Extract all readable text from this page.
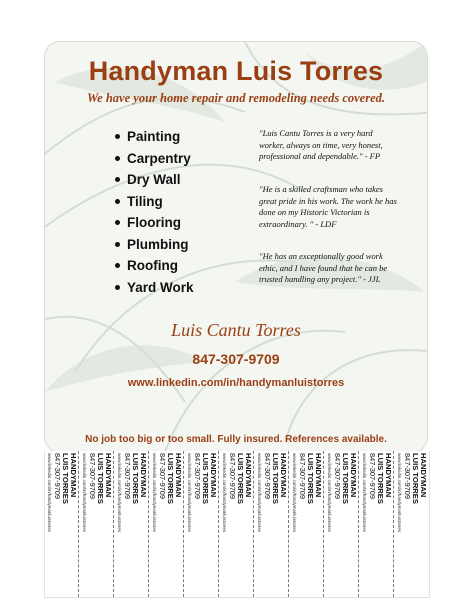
Handyman Luis Torres
We have your home repair and remodeling needs covered.
Painting
Carpentry
Dry Wall
Tiling
Flooring
Plumbing
Roofing
Yard Work
"Luis Cantu Torres is a very hard worker, always on time, very honest, professional and dependable." - FP
"He is a skilled craftsman who takes great pride in his work. The work he has done on my Historic Victorian is extraordinary. " - LDF
"He has an exceptionally good work ethic, and I have found that he can be trusted handling any project." - JJL
Luis Cantu Torres
847-307-9709
www.linkedin.com/in/handymanluistorres
No job too big or too small. Fully insured. References available.
HANDYMAN
LUIS TORRES
847-307-9709
www.linkedin.com/in/handymanluistorres	HANDYMAN
LUIS TORRES
847-307-9709
www.linkedin.com/in/handymanluistorres	HANDYMAN
LUIS TORRES
847-307-9709
www.linkedin.com/in/handymanluistorres	HANDYMAN
LUIS TORRES
847-307-9709
www.linkedin.com/in/handymanluistorres	HANDYMAN
LUIS TORRES
847-307-9709
www.linkedin.com/in/handymanluistorres	HANDYMAN
LUIS TORRES
847-307-9709
www.linkedin.com/in/handymanluistorres	HANDYMAN
LUIS TORRES
847-307-9709
www.linkedin.com/in/handymanluistorres	HANDYMAN
LUIS TORRES
847-307-9709
www.linkedin.com/in/handymanluistorres	HANDYMAN
LUIS TORRES
847-307-9709
www.linkedin.com/in/handymanluistorres	HANDYMAN
LUIS TORRES
847-307-9709
www.linkedin.com/in/handymanluistorres	HANDYMAN
LUIS TORRES
847-307-9709
www.linkedin.com/in/handymanluistorres
